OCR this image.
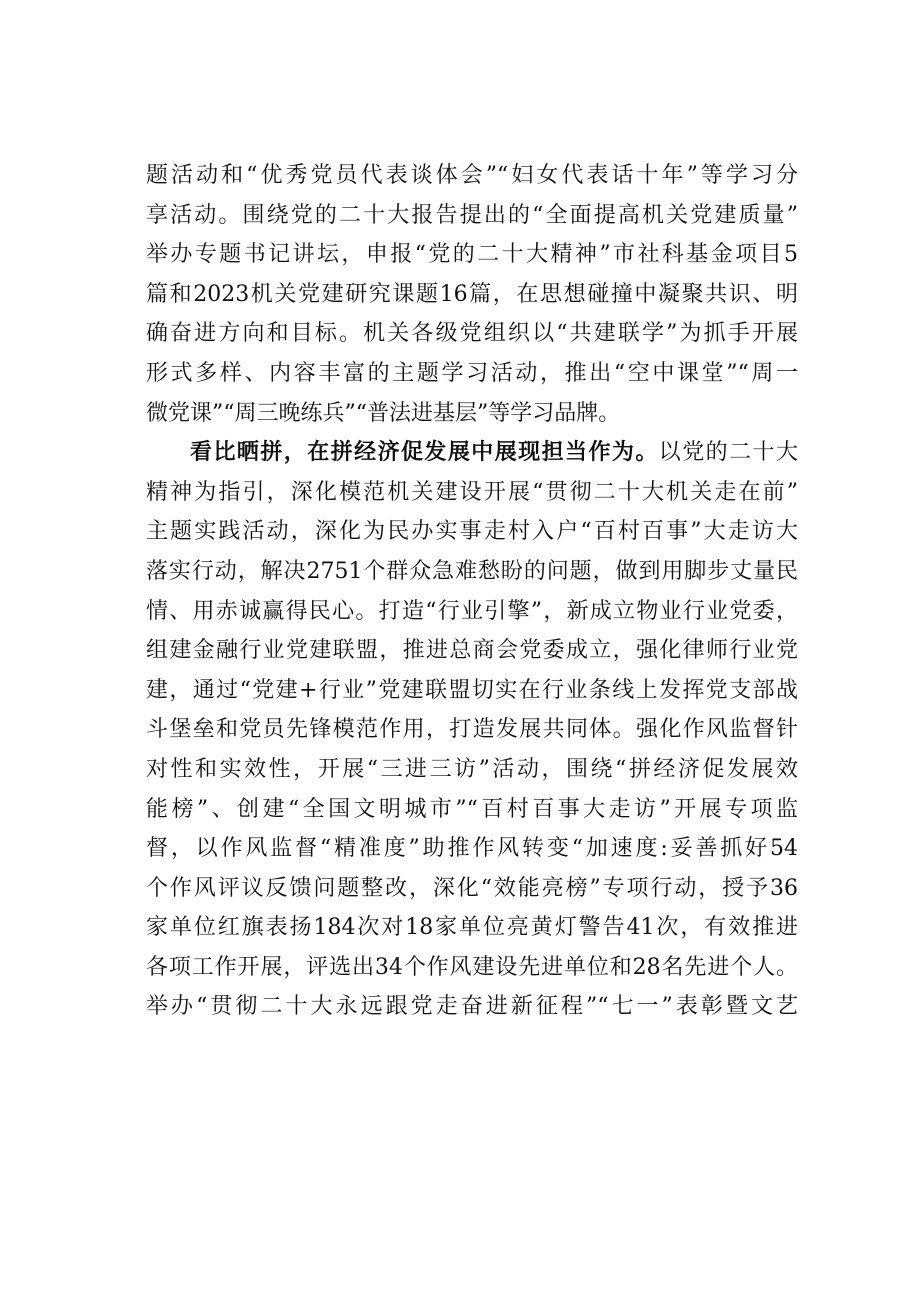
题活动和“优秀党员代表谈体会”“妇女代表话十年”等学习分
享活动。围绕党的二十大报告提出的“全面提高机关党建质量”
举办专题书记讲坛，申报“党的二十大精神”市社科基金项目5
篇和2023机关党建研究课题16篇，在思想碰撞中凝聚共识、明
确奋进方向和目标。机关各级党组织以“共建联学”为抓手开展
形式多样、内容丰富的主题学习活动，推出“空中课堂”“周一
微党课”“周三晚练兵”“普法进基层”等学习品牌。
看比晒拼，在拼经济促发展中展现担当作为。以党的二十大
精神为指引，深化模范机关建设开展“贯彻二十大机关走在前”
主题实践活动，深化为民办实事走村入户“百村百事”大走访大
落实行动，解决2751个群众急难愁盼的问题，做到用脚步丈量民
情、用赤诚赢得民心。打造“行业引擎”，新成立物业行业党委，
组建金融行业党建联盟，推进总商会党委成立，强化律师行业党
建，通过“党建+行业”党建联盟切实在行业条线上发挥党支部战
斗堡垒和党员先锋模范作用，打造发展共同体。强化作风监督针
对性和实效性，开展“三进三访”活动，围绕“拼经济促发展效
能榜”、创建“全国文明城市”“百村百事大走访”开展专项监
督，以作风监督“精准度”助推作风转变“加速度:妥善抓好54
个作风评议反馈问题整改，深化“效能亮榜”专项行动，授予36
家单位红旗表扬184次对18家单位亮黄灯警告41次，有效推进
各项工作开展，评选出34个作风建设先进单位和28名先进个人。
举办“贯彻二十大永远跟党走奋进新征程”“七一”表彰暨文艺
